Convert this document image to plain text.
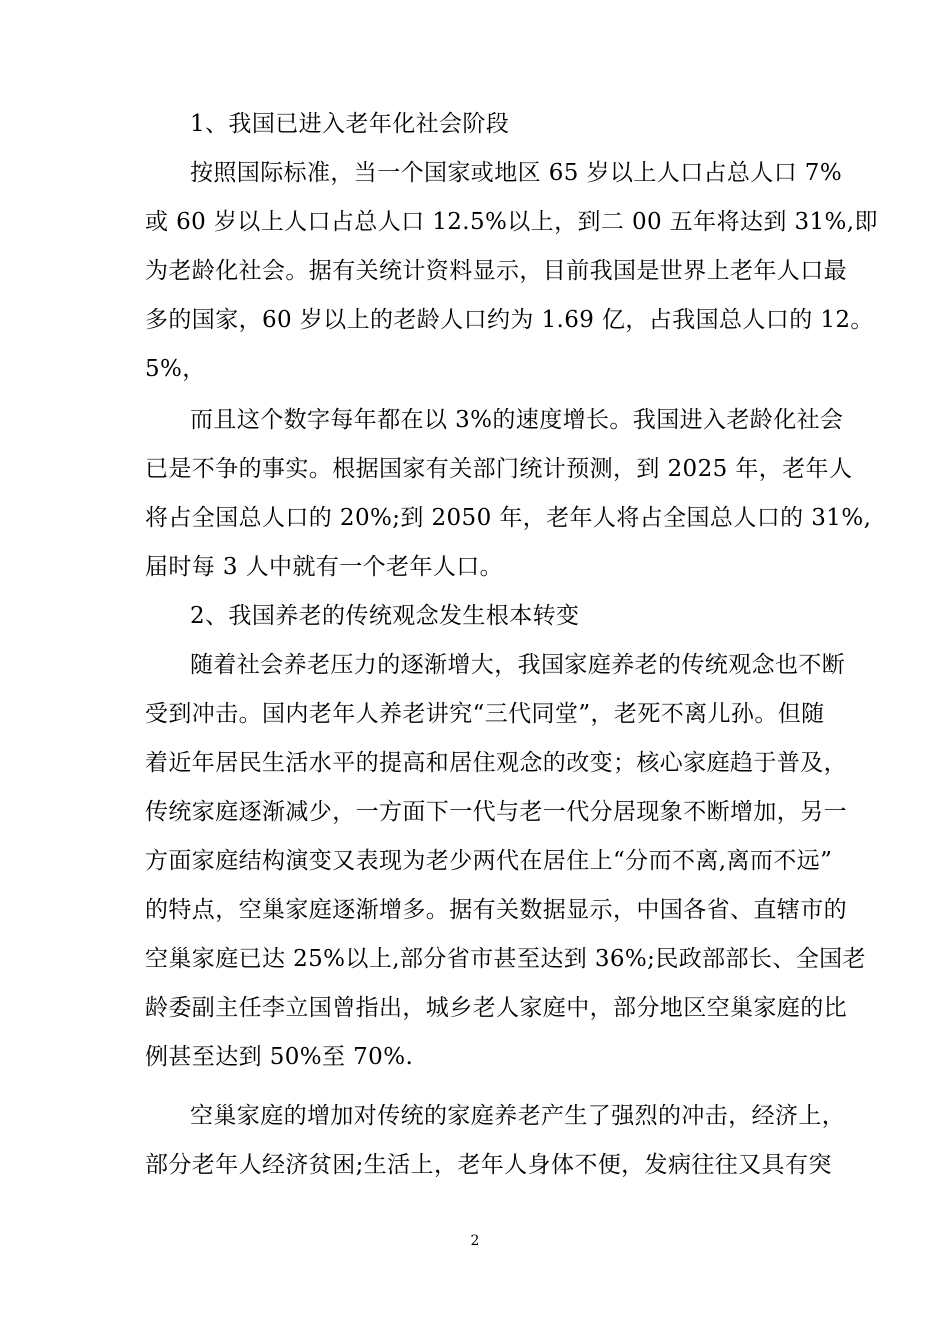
1、我国已进入老年化社会阶段
按照国际标准，当一个国家或地区 65 岁以上人口占总人口 7%
或 60 岁以上人口占总人口 12.5%以上，到二 00 五年将达到 31%,即
为老龄化社会。据有关统计资料显示，目前我国是世界上老年人口最
多的国家，60 岁以上的老龄人口约为 1.69 亿，占我国总人口的 12。
5%，
而且这个数字每年都在以 3%的速度增长。我国进入老龄化社会
已是不争的事实。根据国家有关部门统计预测，到 2025 年，老年人
将占全国总人口的 20%;到 2050 年，老年人将占全国总人口的 31%,
届时每 3 人中就有一个老年人口。
2、我国养老的传统观念发生根本转变
随着社会养老压力的逐渐增大，我国家庭养老的传统观念也不断
受到冲击。国内老年人养老讲究“三代同堂”，老死不离儿孙。但随
着近年居民生活水平的提高和居住观念的改变；核心家庭趋于普及，
传统家庭逐渐减少，一方面下一代与老一代分居现象不断增加，另一
方面家庭结构演变又表现为老少两代在居住上“分而不离,离而不远”
的特点，空巢家庭逐渐增多。据有关数据显示，中国各省、直辖市的
空巢家庭已达 25%以上,部分省市甚至达到 36%;民政部部长、全国老
龄委副主任李立国曾指出，城乡老人家庭中，部分地区空巢家庭的比
例甚至达到 50%至 70%.
空巢家庭的增加对传统的家庭养老产生了强烈的冲击，经济上，
部分老年人经济贫困;生活上，老年人身体不便，发病往往又具有突
2
